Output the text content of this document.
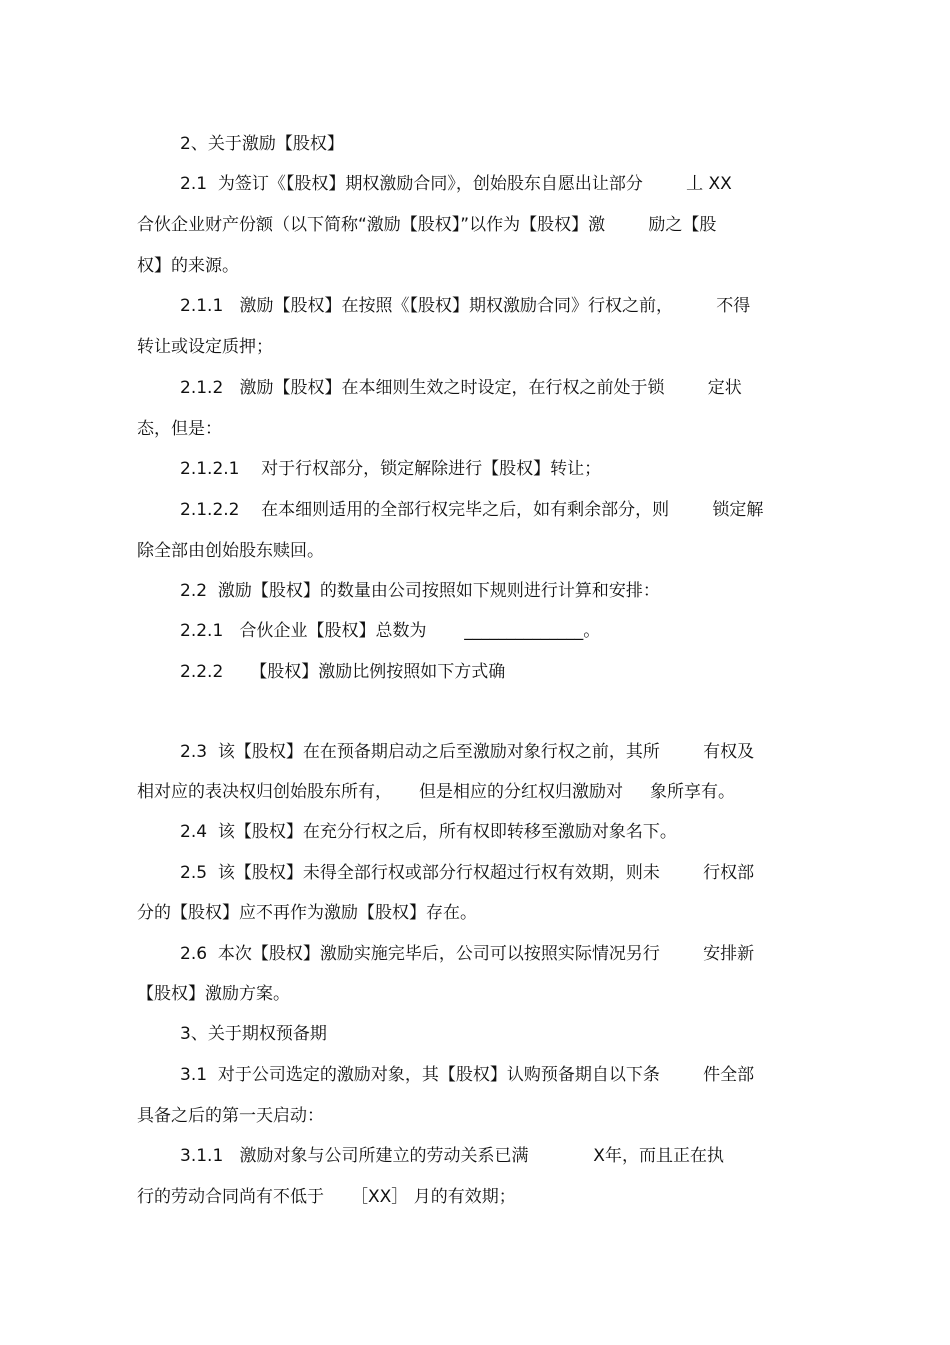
2、关于激励【股权】
2.1  为签订《【股权】期权激励合同》，创始股东自愿出让部分        丄 XX
合伙企业财产份额（以下简称“激励【股权】”以作为【股权】激        励之【股
权】的来源。
2.1.1   激励【股权】在按照《【股权】期权激励合同》行权之前，        不得
转让或设定质押；
2.1.2   激励【股权】在本细则生效之时设定，在行权之前处于锁        定状
态，但是：
2.1.2.1    对于行权部分，锁定解除进行【股权】转让；
2.1.2.2    在本细则适用的全部行权完毕之后，如有剩余部分，则        锁定解
除全部由创始股东赎回。
2.2  激励【股权】的数量由公司按照如下规则进行计算和安排：
2.2.1   合伙企业【股权】总数为       ______________。
2.2.2     【股权】激励比例按照如下方式确
2.3  该【股权】在在预备期启动之后至激励对象行权之前，其所        有权及
相对应的表决权归创始股东所有，     但是相应的分红权归激励对     象所享有。
2.4  该【股权】在充分行权之后，所有权即转移至激励对象名下。
2.5  该【股权】未得全部行权或部分行权超过行权有效期，则未        行权部
分的【股权】应不再作为激励【股权】存在。
2.6  本次【股权】激励实施完毕后，公司可以按照实际情况另行        安排新
【股权】激励方案。
3、关于期权预备期
3.1  对于公司选定的激励对象，其【股权】认购预备期自以下条        件全部
具备之后的第一天启动：
3.1.1   激励对象与公司所建立的劳动关系已满            X年，而且正在执
行的劳动合同尚有不低于     ［XX］ 月的有效期；
